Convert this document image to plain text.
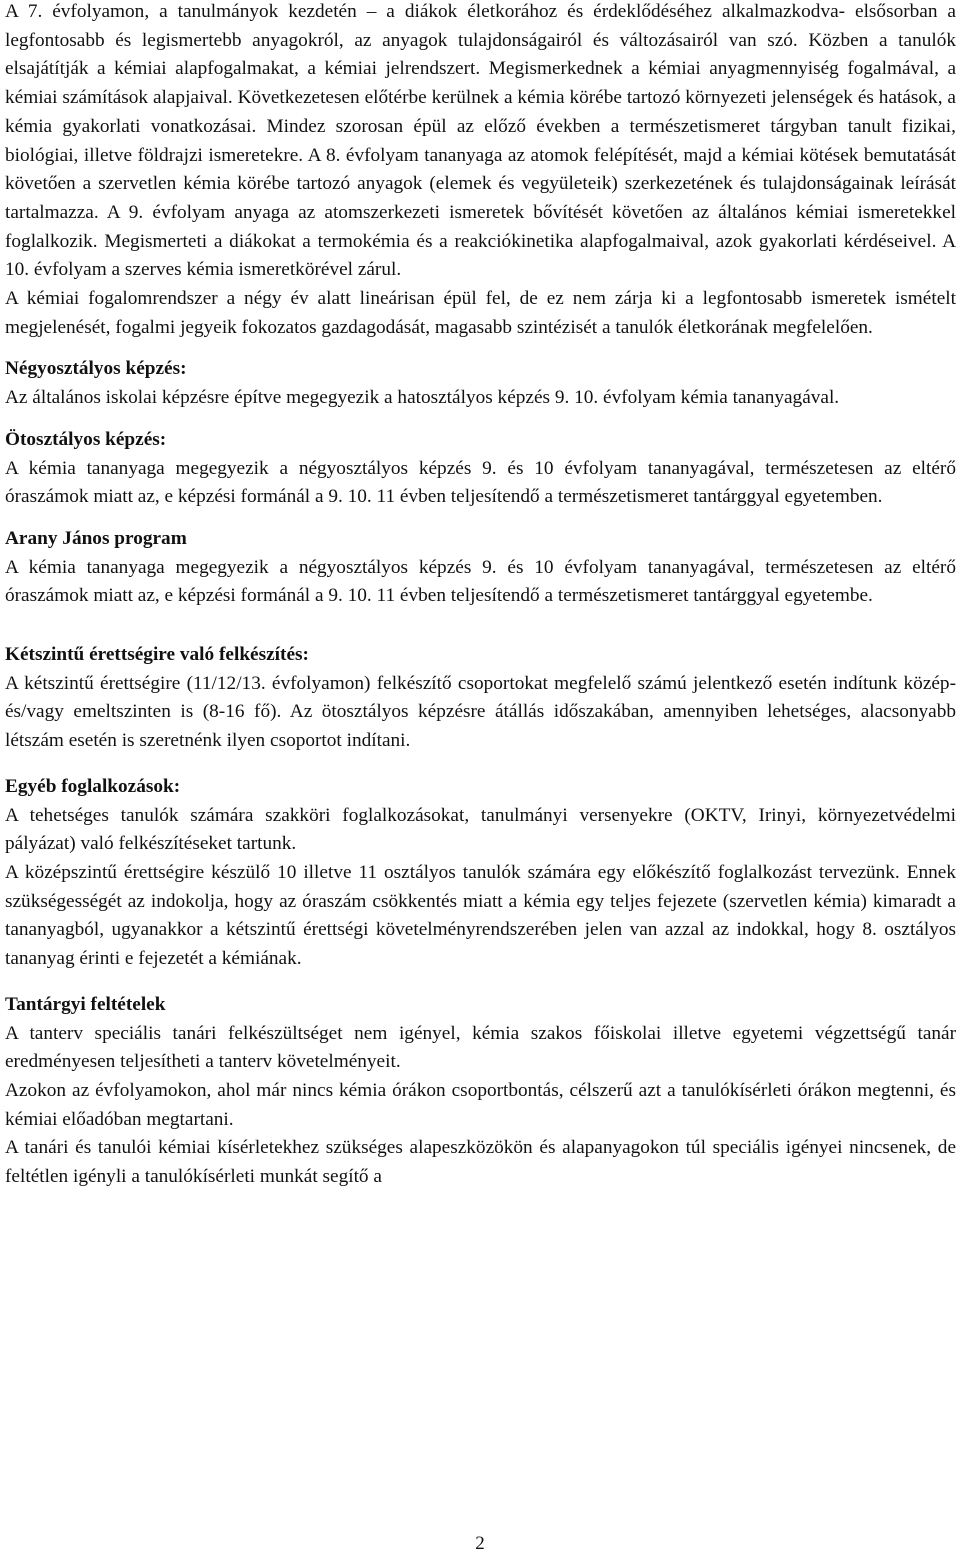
A 7. évfolyamon, a tanulmányok kezdetén – a diákok életkorához és érdeklődéséhez alkalmazkodva- elsősorban a legfontosabb és legismertebb anyagokról, az anyagok tulajdonságairól és változásairól van szó. Közben a tanulók elsajátítják a kémiai alapfogalmakat, a kémiai jelrendszert. Megismerkednek a kémiai anyagmennyiség fogalmával, a kémiai számítások alapjaival. Következetesen előtérbe kerülnek a kémia körébe tartozó környezeti jelenségek és hatások, a kémia gyakorlati vonatkozásai. Mindez szorosan épül az előző években a természetismeret tárgyban tanult fizikai, biológiai, illetve földrajzi ismeretekre. A 8. évfolyam tananyaga az atomok felépítését, majd a kémiai kötések bemutatását követően a szervetlen kémia körébe tartozó anyagok (elemek és vegyületeik) szerkezetének és tulajdonságainak leírását tartalmazza. A 9. évfolyam anyaga az atomszerkezeti ismeretek bővítését követően az általános kémiai ismeretekkel foglalkozik. Megismerteti a diákokat a termokémia és a reakciókinetika alapfogalmaival, azok gyakorlati kérdéseivel. A 10. évfolyam a szerves kémia ismeretkörével zárul.

A kémiai fogalomrendszer a négy év alatt lineárisan épül fel, de ez nem zárja ki a legfontosabb ismeretek ismételt megjelenését, fogalmi jegyeik fokozatos gazdagodását, magasabb szintézisét a tanulók életkorának megfelelően.

Négyosztályos képzés:

Az általános iskolai képzésre építve megegyezik a hatosztályos képzés 9. 10. évfolyam kémia tananyagával.

Ötosztályos képzés:

A kémia tananyaga megegyezik a négyosztályos képzés 9. és 10 évfolyam tananyagával, természetesen az eltérő óraszámok miatt az, e képzési formánál a 9. 10. 11 évben teljesítendő a természetismeret tantárggyal egyetemben.

Arany János program

A kémia tananyaga megegyezik a négyosztályos képzés 9. és 10 évfolyam tananyagával, természetesen az eltérő óraszámok miatt az, e képzési formánál a 9. 10. 11 évben teljesítendő a természetismeret tantárggyal egyetembe.

Kétszintű érettségire való felkészítés:

A kétszintű érettségire (11/12/13. évfolyamon) felkészítő csoportokat megfelelő számú jelentkező esetén indítunk közép- és/vagy emeltszinten is (8-16 fő). Az ötosztályos képzésre átállás időszakában, amennyiben lehetséges, alacsonyabb létszám esetén is szeretnénk ilyen csoportot indítani.

Egyéb foglalkozások:

A tehetséges tanulók számára szakköri foglalkozásokat, tanulmányi versenyekre (OKTV, Irinyi, környezetvédelmi pályázat) való felkészítéseket tartunk.

A középszintű érettségire készülő 10 illetve 11 osztályos tanulók számára egy előkészítő foglalkozást tervezünk. Ennek szükségességét az indokolja, hogy az óraszám csökkentés miatt a kémia egy teljes fejezete (szervetlen kémia) kimaradt a tananyagból, ugyanakkor a kétszintű érettségi követelményrendszerében jelen van azzal az indokkal, hogy 8. osztályos tananyag érinti e fejezetét a kémiának.

Tantárgyi feltételek

A tanterv speciális tanári felkészültséget nem igényel, kémia szakos főiskolai illetve egyetemi végzettségű tanár eredményesen teljesítheti a tanterv követelményeit.

Azokon az évfolyamokon, ahol már nincs kémia órákon csoportbontás, célszerű azt a tanulókísérleti órákon megtenni, és kémiai előadóban megtartani.

A tanári és tanulói kémiai kísérletekhez szükséges alapeszközökön és alapanyagokon túl speciális igényei nincsenek, de feltétlen igényli a tanulókísérleti munkát segítő a

2
